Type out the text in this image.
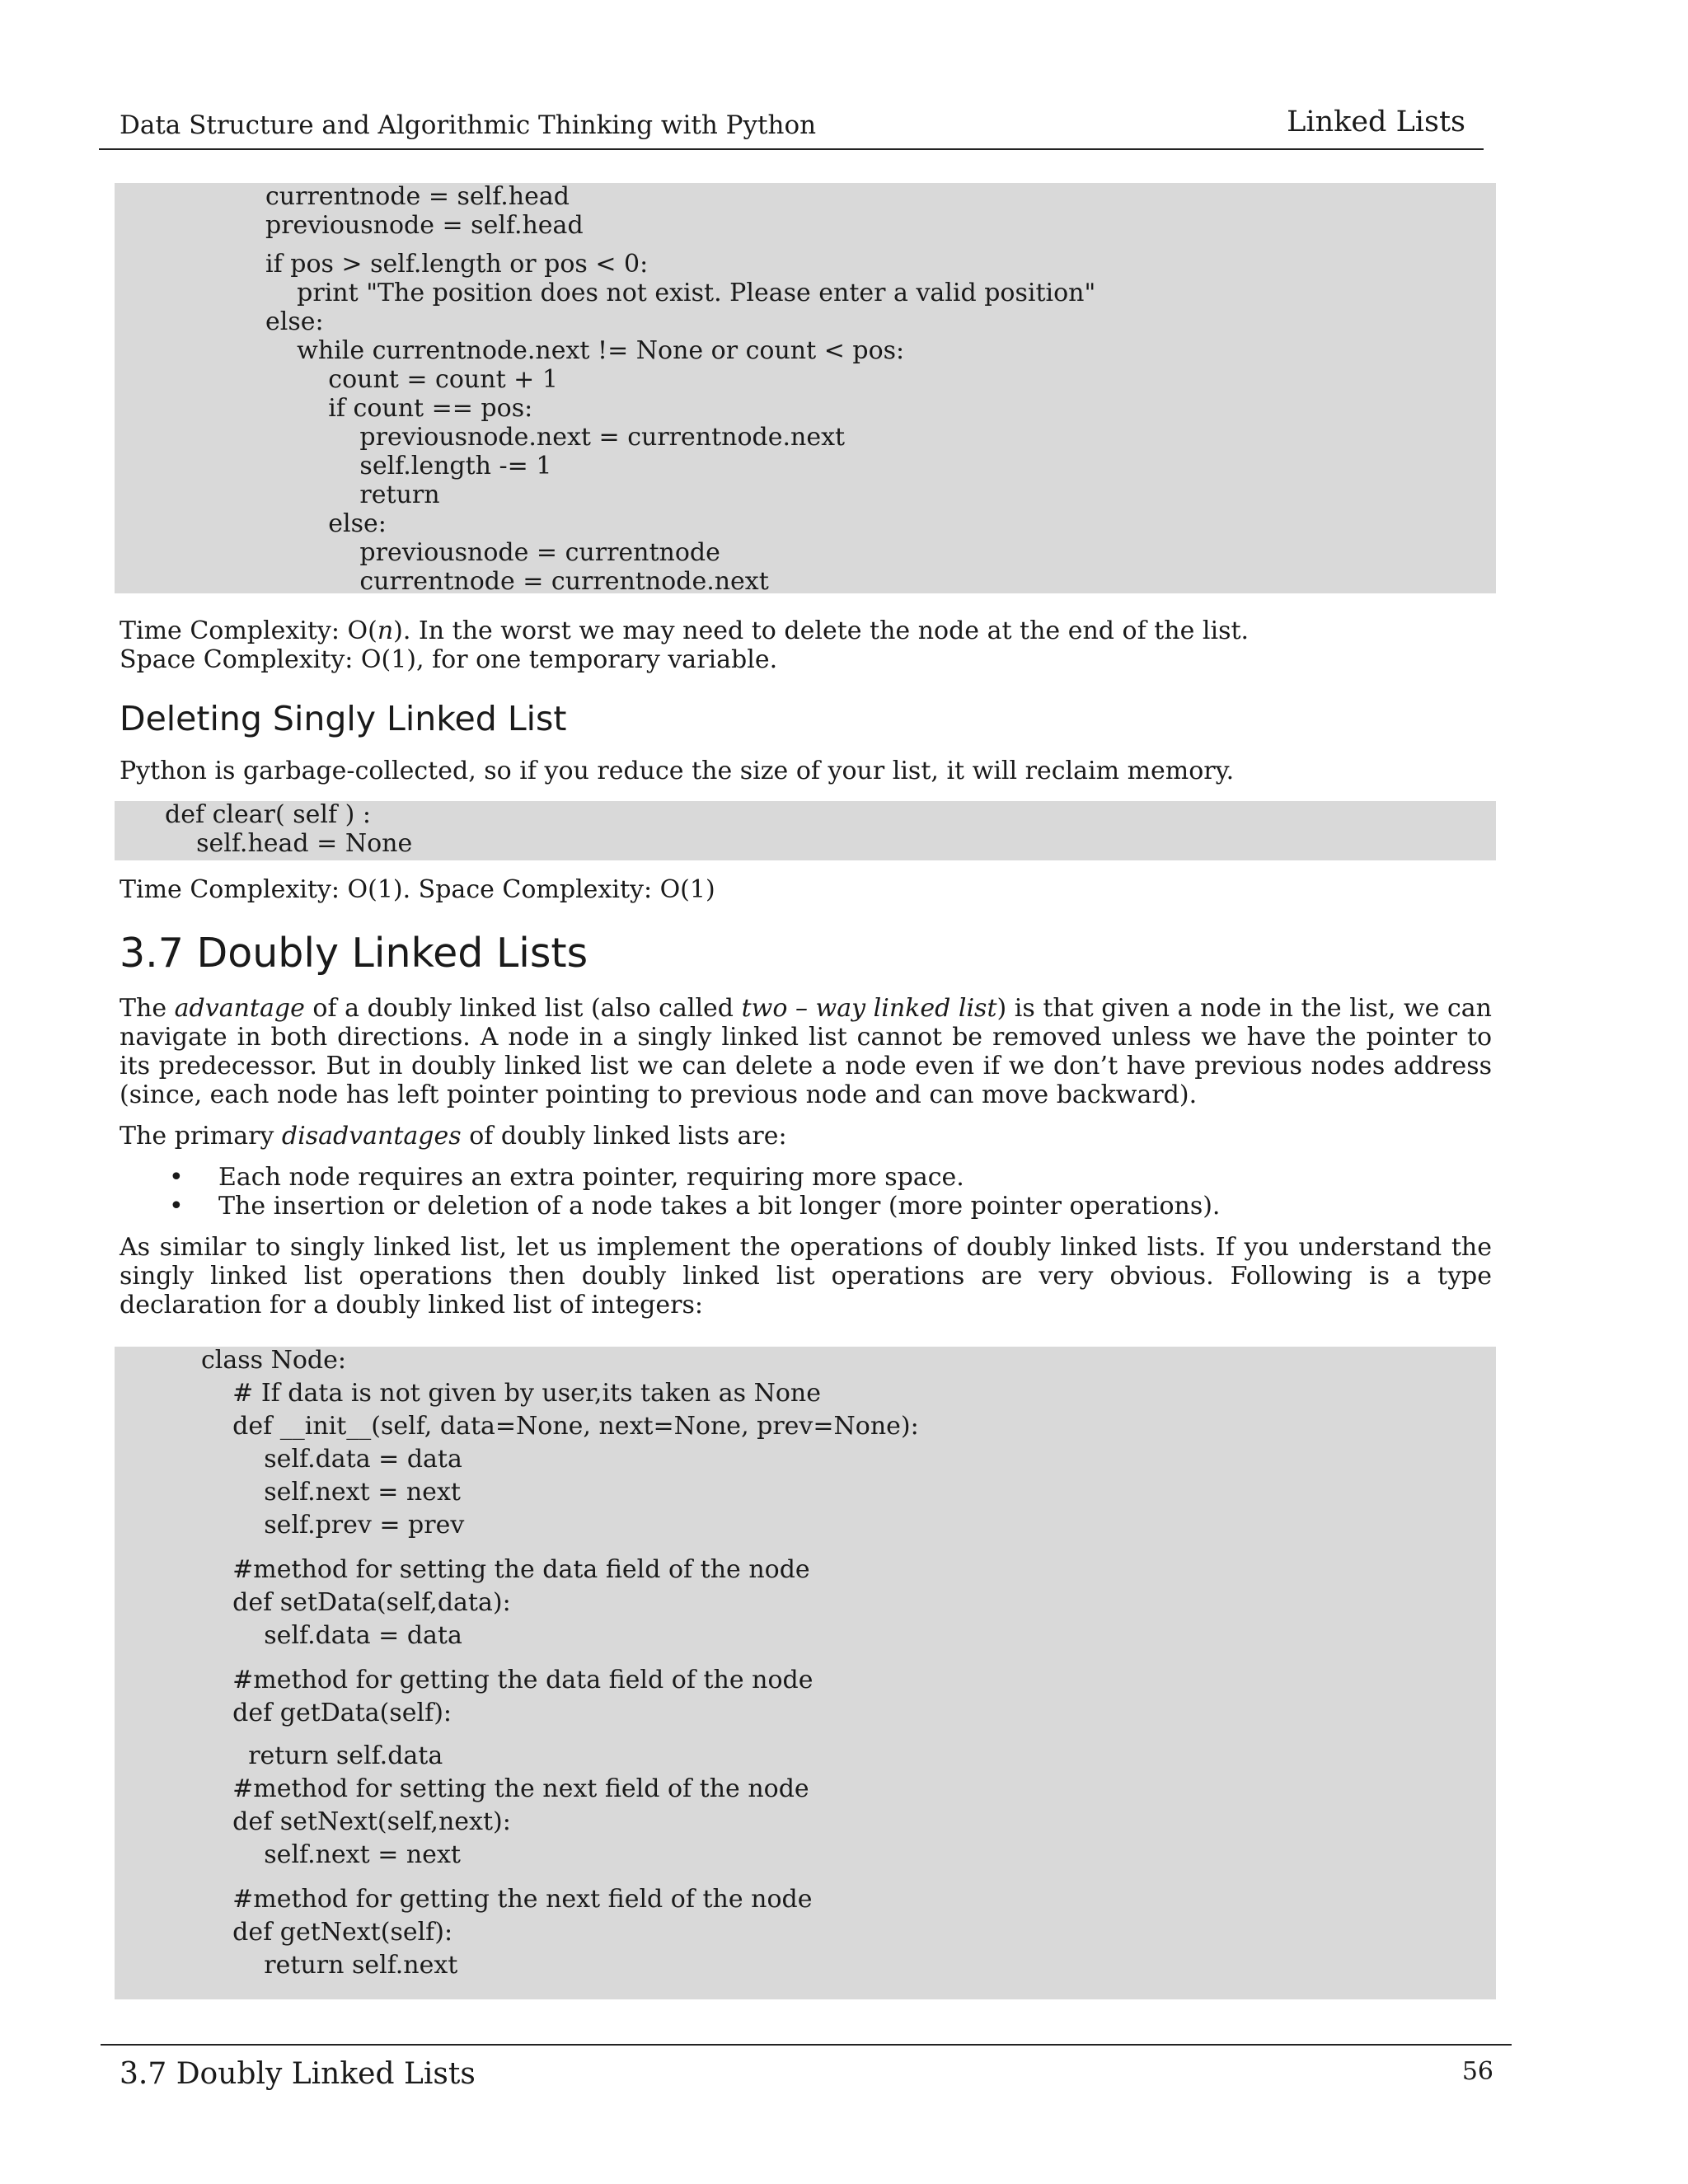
Data Structure and Algorithmic Thinking with Python	Linked Lists
currentnode = self.head
previousnode = self.head
if pos > self.length or pos < 0:
print "The position does not exist. Please enter a valid position"
else:
while currentnode.next != None or count < pos:
count = count + 1
if count == pos:
previousnode.next = currentnode.next
self.length -= 1
return
else:
previousnode = currentnode
currentnode = currentnode.next
Time Complexity: O(n). In the worst we may need to delete the node at the end of the list.
Space Complexity: O(1), for one temporary variable.
Deleting Singly Linked List
Python is garbage-collected, so if you reduce the size of your list, it will reclaim memory.
def clear( self ) :
self.head = None
Time Complexity: O(1). Space Complexity: O(1)
3.7 Doubly Linked Lists

The advantage of a doubly linked list (also called two – way linked list) is that given a node in the list, we can navigate in both directions. A node in a singly linked list cannot be removed unless we have the pointer to its predecessor. But in doubly linked list we can delete a node even if we don’t have previous nodes address (since, each node has left pointer pointing to previous node and can move backward).

The primary disadvantages of doubly linked lists are:

• Each node requires an extra pointer, requiring more space.
• The insertion or deletion of a node takes a bit longer (more pointer operations).

As similar to singly linked list, let us implement the operations of doubly linked lists. If you understand the singly linked list operations then doubly linked list operations are very obvious. Following is a type declaration for a doubly linked list of integers:

class Node:
# If data is not given by user,its taken as None
def __init__(self, data=None, next=None, prev=None):
self.data = data
self.next = next
self.prev = prev
#method for setting the data field of the node
def setData(self,data):
self.data = data
#method for getting the data field of the node
def getData(self):
return self.data
#method for setting the next field of the node
def setNext(self,next):
self.next = next
#method for getting the next field of the node
def getNext(self):
return self.next
3.7 Doubly Linked Lists	56
